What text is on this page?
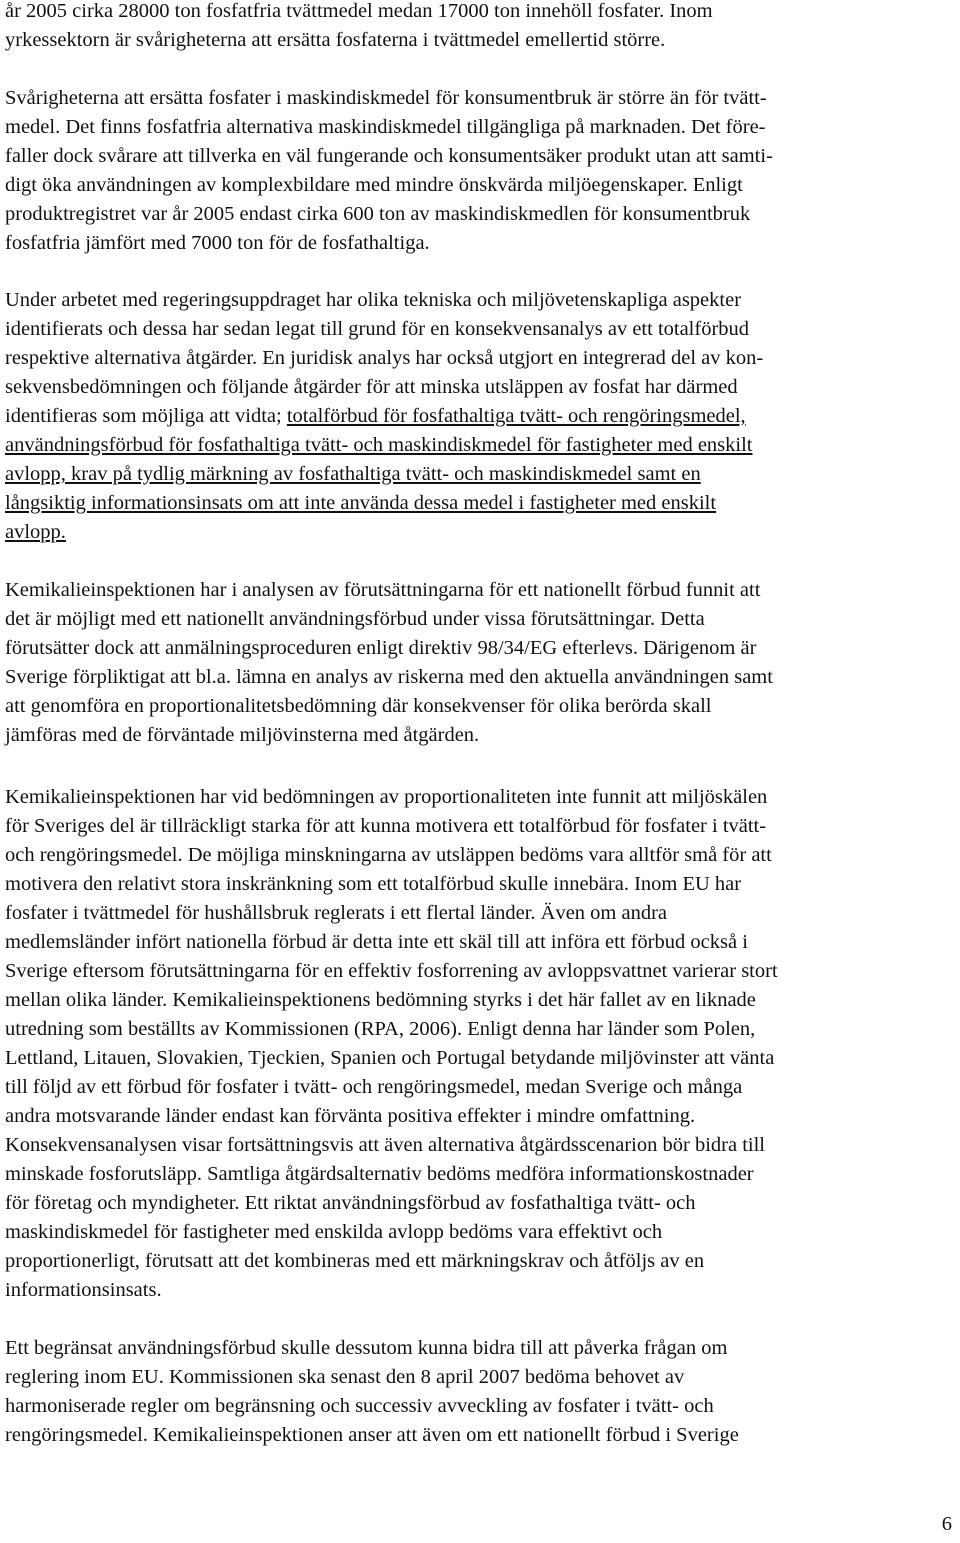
år 2005 cirka 28000 ton fosfatfria tvättmedel medan 17000 ton innehöll fosfater. Inom
yrkessektorn är svårigheterna att ersätta fosfaterna i tvättmedel emellertid större.
Svårigheterna att ersätta fosfater i maskindiskmedel för konsumentbruk är större än för tvätt-
medel. Det finns fosfatfria alternativa maskindiskmedel tillgängliga på marknaden. Det före-
faller dock svårare att tillverka en väl fungerande och konsumentsäker produkt utan att samti-
digt öka användningen av komplexbildare med mindre önskvärda miljöegenskaper. Enligt
produktregistret var år 2005 endast cirka 600 ton av maskindiskmedlen för konsumentbruk
fosfatfria jämfört med 7000 ton för de fosfathaltiga.
Under arbetet med regeringsuppdraget har olika tekniska och miljövetenskapliga aspekter
identifierats och dessa har sedan legat till grund för en konsekvensanalys av ett totalförbud
respektive alternativa åtgärder. En juridisk analys har också utgjort en integrerad del av kon-
sekvensbedömningen och följande åtgärder för att minska utsläppen av fosfat har därmed
identifieras som möjliga att vidta; totalförbud för fosfathaltiga tvätt- och rengöringsmedel,
användningsförbud för fosfathaltiga tvätt- och maskindiskmedel för fastigheter med enskilt
avlopp, krav på tydlig märkning av fosfathaltiga tvätt- och maskindiskmedel samt en
långsiktig informationsinsats om att inte använda dessa medel i fastigheter med enskilt
avlopp.
Kemikalieinspektionen har i analysen av förutsättningarna för ett nationellt förbud funnit att
det är möjligt med ett nationellt användningsförbud under vissa förutsättningar. Detta
förutsätter dock att anmälningsproceduren enligt direktiv 98/34/EG efterlevs. Därigenom är
Sverige förpliktigat att bl.a. lämna en analys av riskerna med den aktuella användningen samt
att genomföra en proportionalitetsbedömning där konsekvenser för olika berörda skall
jämföras med de förväntade miljövinsterna med åtgärden.
Kemikalieinspektionen har vid bedömningen av proportionaliteten inte funnit att miljöskälen
för Sveriges del är tillräckligt starka för att kunna motivera ett totalförbud för fosfater i tvätt-
och rengöringsmedel. De möjliga minskningarna av utsläppen bedöms vara alltför små för att
motivera den relativt stora inskränkning som ett totalförbud skulle innebära. Inom EU har
fosfater i tvättmedel för hushållsbruk reglerats i ett flertal länder. Även om andra
medlemsländer infört nationella förbud är detta inte ett skäl till att införa ett förbud också i
Sverige eftersom förutsättningarna för en effektiv fosforrening av avloppsvattnet varierar stort
mellan olika länder. Kemikalieinspektionens bedömning styrks i det här fallet av en liknade
utredning som beställts av Kommissionen (RPA, 2006). Enligt denna har länder som Polen,
Lettland, Litauen, Slovakien, Tjeckien, Spanien och Portugal betydande miljövinster att vänta
till följd av ett förbud för fosfater i tvätt- och rengöringsmedel, medan Sverige och många
andra motsvarande länder endast kan förvänta positiva effekter i mindre omfattning.
Konsekvensanalysen visar fortsättningsvis att även alternativa åtgärdsscenarion bör bidra till
minskade fosforutsläpp. Samtliga åtgärdsalternativ bedöms medföra informationskostnader
för företag och myndigheter. Ett riktat användningsförbud av fosfathaltiga tvätt- och
maskindiskmedel för fastigheter med enskilda avlopp bedöms vara effektivt och
proportionerligt, förutsatt att det kombineras med ett märkningskrav och åtföljs av en
informationsinsats.
Ett begränsat användningsförbud skulle dessutom kunna bidra till att påverka frågan om
reglering inom EU. Kommissionen ska senast den 8 april 2007 bedöma behovet av
harmoniserade regler om begränsning och successiv avveckling av fosfater i tvätt- och
rengöringsmedel. Kemikalieinspektionen anser att även om ett nationellt förbud i Sverige
6
